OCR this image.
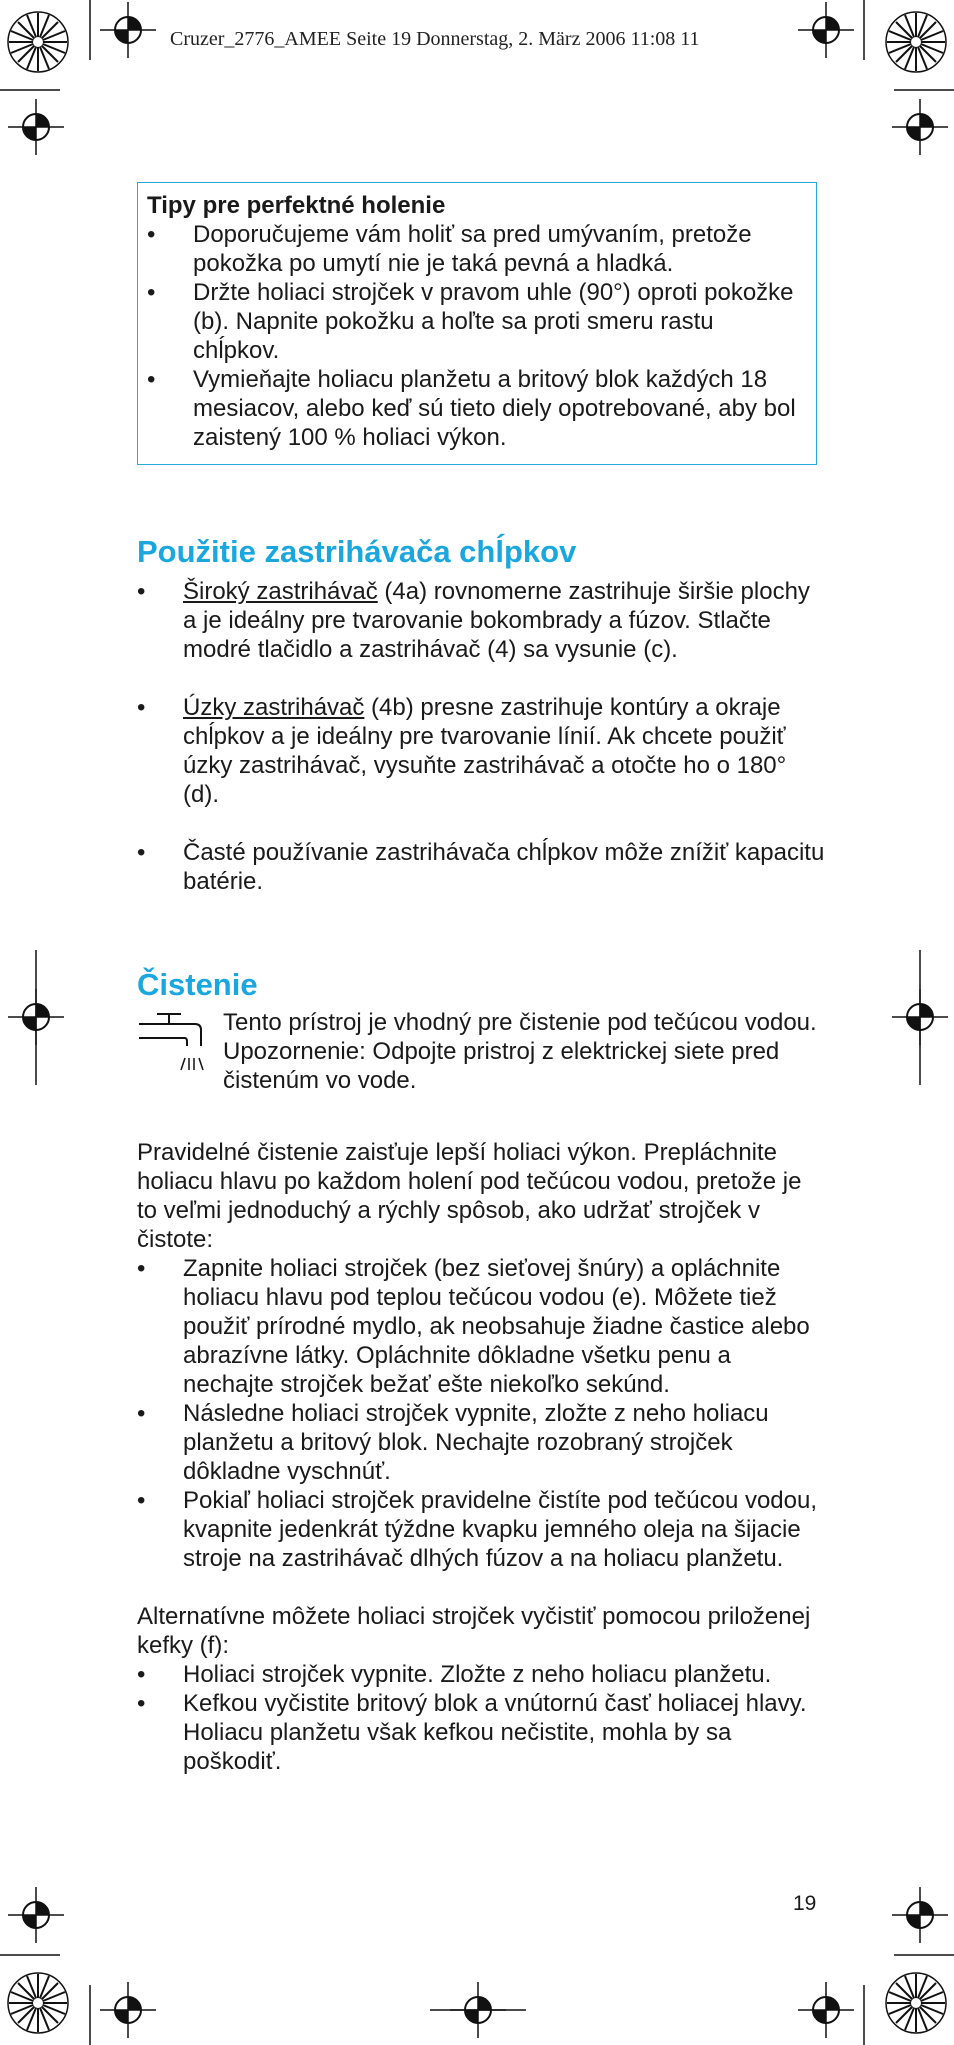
Cruzer_2776_AMEE Seite 19 Donnerstag, 2. März 2006 11:08 11
Tipy pre perfektné holenie
• Doporučujeme vám holiť sa pred umývaním, pretože pokožka po umytí nie je taká pevná a hladká.
• Držte holiaci strojček v pravom uhle (90°) oproti pokožke (b). Napnite pokožku a hoľte sa proti smeru rastu chĺpkov.
• Vymieňajte holiacu planžetu a britový blok každých 18 mesiacov, alebo keď sú tieto diely opotrebované, aby bol zaistený 100 % holiaci výkon.
Použitie zastrihávača chĺpkov
• Široký zastrihávač (4a) rovnomerne zastrihuje širšie plochy a je ideálny pre tvarovanie bokombrady a fúzov. Stlačte modré tlačidlo a zastrihávač (4) sa vysunie (c).
• Úzky zastrihávač (4b) presne zastrihuje kontúry a okraje chĺpkov a je ideálny pre tvarovanie línií. Ak chcete použiť úzky zastrihávač, vysuňte zastrihávač a otočte ho o 180° (d).
• Časté používanie zastrihávača chĺpkov môže znížiť kapacitu batérie.
Čistenie

Tento prístroj je vhodný pre čistenie pod tečúcou vodou.

Upozornenie: Odpojte pristroj z elektrickej siete pred čistenúm vo vode.

Pravidelné čistenie zaisťuje lepší holiaci výkon. Prepláchnite holiacu hlavu po každom holení pod tečúcou vodou, pretože je to veľmi jednoduchý a rýchly spôsob, ako udržať strojček v čistote:

• Zapnite holiaci strojček (bez sieťovej šnúry) a opláchnite holiacu hlavu pod teplou tečúcou vodou (e). Môžete tiež použiť prírodné mydlo, ak neobsahuje žiadne častice alebo abrazívne látky. Opláchnite dôkladne všetku penu a nechajte strojček bežať ešte niekoľko sekúnd.
• Následne holiaci strojček vypnite, zložte z neho holiacu planžetu a britový blok. Nechajte rozobraný strojček dôkladne vyschnúť.
• Pokiaľ holiaci strojček pravidelne čistíte pod tečúcou vodou, kvapnite jedenkrát týždne kvapku jemného oleja na šijacie stroje na zastrihávač dlhých fúzov a na holiacu planžetu.

Alternatívne môžete holiaci strojček vyčistiť pomocou priloženej kefky (f):

• Holiaci strojček vypnite. Zložte z neho holiacu planžetu.
• Kefkou vyčistite britový blok a vnútornú časť holiacej hlavy. Holiacu planžetu však kefkou nečistite, mohla by sa poškodiť.
19
